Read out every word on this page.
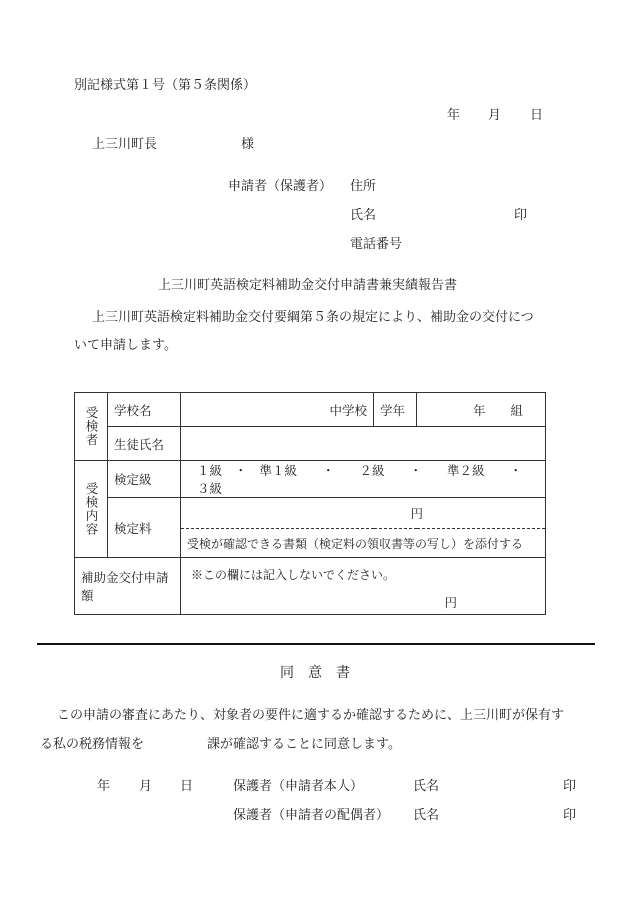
別記様式第１号（第５条関係）
年 月 日
上三川町長	様
申請者（保護者） 住所
氏名	印
電話番号
上三川町英語検定料補助金交付申請書兼実績報告書
上三川町英語検定料補助金交付要綱第５条の規定により、補助金の交付につ
いて申請します。
受検者	学校名	中学校	学年	年　　組
	生徒氏名			

受検内容	検定級	１級　・　準１級　　・　　２級　　・　　準２級　　・　　３級		
	検定料	円		
		受検が確認できる書類（検定料の領収書等の写し）を添付する		
補助金交付申請額		※この欄には記入しないでください。
円		
同　意　書
この申請の審査にあたり、対象者の要件に適するか確認するために、上三川町が保有す
る私の税務情報を	課が確認することに同意します。
年 月 日	保護者（申請者本人）	氏名	印
保護者（申請者の配偶者） 氏名	印
